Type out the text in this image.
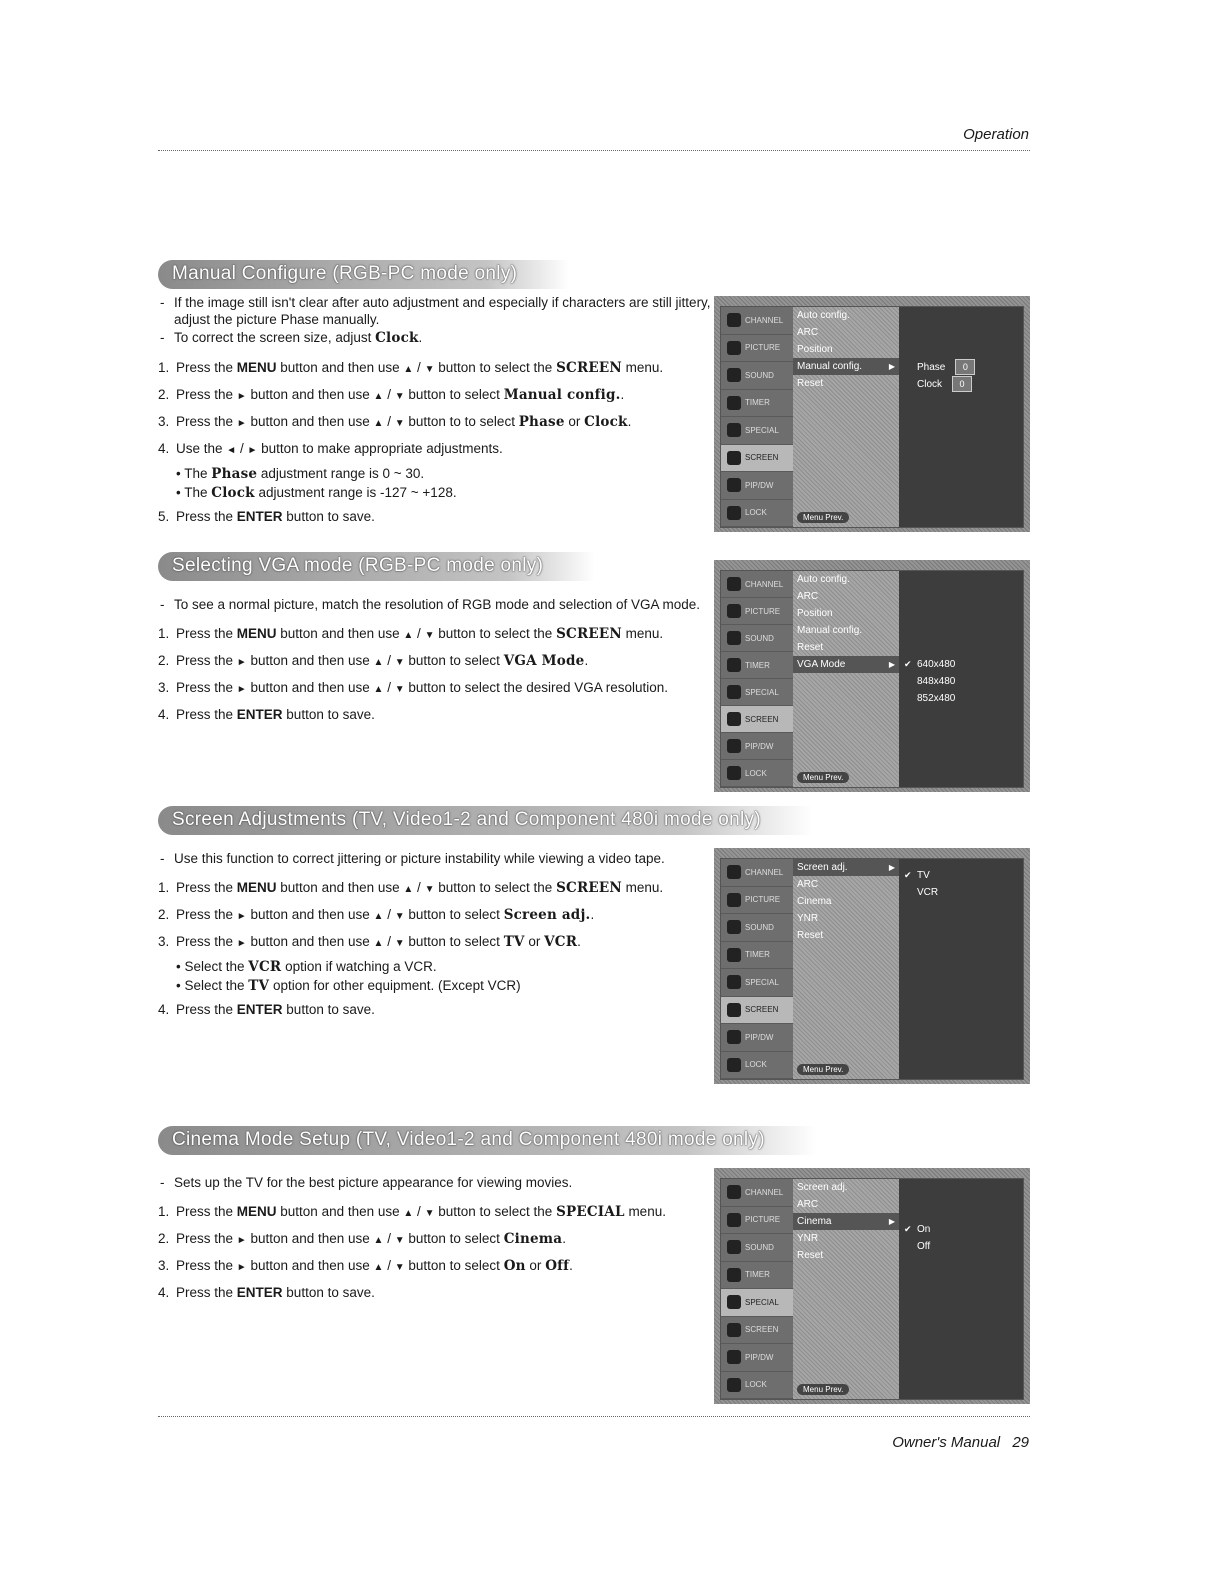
Operation
Manual Configure (RGB-PC mode only)
- If the image still isn't clear after auto adjustment and especially if characters are still jittery, adjust the picture Phase manually.
- To correct the screen size, adjust Clock.
1. Press the MENU button and then use ▲ / ▼ button to select the SCREEN menu.
2. Press the ► button and then use ▲ / ▼ button to select Manual config..
3. Press the ► button and then use ▲ / ▼ button to to select Phase or Clock.
4. Use the ◄ / ► button to make appropriate adjustments.
• The Phase adjustment range is 0 ~ 30.
• The Clock adjustment range is -127 ~ +128.
5. Press the ENTER button to save.
CHANNEL
PICTURE
SOUND
TIMER
SPECIAL
SCREEN
PIP/DW
LOCK
Auto config.
ARC
Position
Manual config. ▶
Reset
Menu Prev.
Phase 0
Clock 0
Selecting VGA mode (RGB-PC mode only)
- To see a normal picture, match the resolution of RGB mode and selection of VGA mode.
1. Press the MENU button and then use ▲ / ▼ button to select the SCREEN menu.
2. Press the ► button and then use ▲ / ▼ button to select VGA Mode.
3. Press the ► button and then use ▲ / ▼ button to select the desired VGA resolution.
4. Press the ENTER button to save.
CHANNEL
PICTURE
SOUND
TIMER
SPECIAL
SCREEN
PIP/DW
LOCK
Auto config.
ARC
Position
Manual config.
Reset
VGA Mode ▶
Menu Prev.
✔ 640x480
848x480
852x480
Screen Adjustments (TV, Video1-2 and Component 480i mode only)
- Use this function to correct jittering or picture instability while viewing a video tape.
1. Press the MENU button and then use ▲ / ▼ button to select the SCREEN menu.
2. Press the ► button and then use ▲ / ▼ button to select Screen adj..
3. Press the ► button and then use ▲ / ▼ button to select TV or VCR.
• Select the VCR option if watching a VCR.
• Select the TV option for other equipment. (Except VCR)
4. Press the ENTER button to save.
CHANNEL
PICTURE
SOUND
TIMER
SPECIAL
SCREEN
PIP/DW
LOCK
Screen adj. ▶
ARC
Cinema
YNR
Reset
Menu Prev.
✔ TV
VCR
Cinema Mode Setup (TV, Video1-2 and Component 480i mode only)
- Sets up the TV for the best picture appearance for viewing movies.
1. Press the MENU button and then use ▲ / ▼ button to select the SPECIAL menu.
2. Press the ► button and then use ▲ / ▼ button to select Cinema.
3. Press the ► button and then use ▲ / ▼ button to select On or Off.
4. Press the ENTER button to save.
CHANNEL
PICTURE
SOUND
TIMER
SPECIAL
SCREEN
PIP/DW
LOCK
Screen adj.
ARC
Cinema ▶
YNR
Reset
Menu Prev.
✔ On
Off
Owner's Manual 29
